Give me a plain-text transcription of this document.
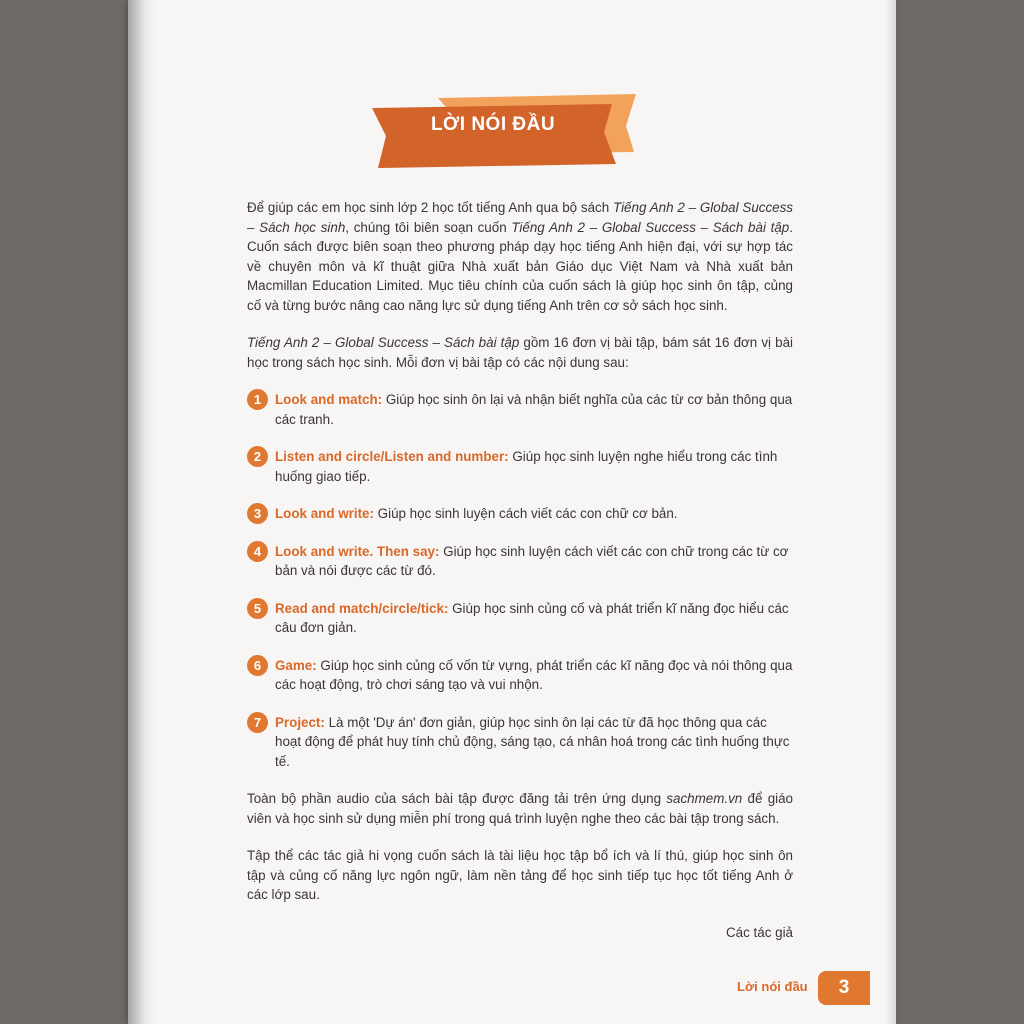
LỜI NÓI ĐẦU

Để giúp các em học sinh lớp 2 học tốt tiếng Anh qua bộ sách Tiếng Anh 2 – Global Success – Sách học sinh, chúng tôi biên soạn cuốn Tiếng Anh 2 – Global Success – Sách bài tập. Cuốn sách được biên soạn theo phương pháp dạy học tiếng Anh hiện đại, với sự hợp tác về chuyên môn và kĩ thuật giữa Nhà xuất bản Giáo dục Việt Nam và Nhà xuất bản Macmillan Education Limited. Mục tiêu chính của cuốn sách là giúp học sinh ôn tập, củng cố và từng bước nâng cao năng lực sử dụng tiếng Anh trên cơ sở sách học sinh.

Tiếng Anh 2 – Global Success – Sách bài tập gồm 16 đơn vị bài tập, bám sát 16 đơn vị bài học trong sách học sinh. Mỗi đơn vị bài tập có các nội dung sau:

1	Look and match: Giúp học sinh ôn lại và nhận biết nghĩa của các từ cơ bản thông qua các tranh.
2	Listen and circle/Listen and number: Giúp học sinh luyện nghe hiểu trong các tình huống giao tiếp.
3	Look and write: Giúp học sinh luyện cách viết các con chữ cơ bản.
4	Look and write. Then say: Giúp học sinh luyện cách viết các con chữ trong các từ cơ bản và nói được các từ đó.
5	Read and match/circle/tick: Giúp học sinh củng cố và phát triển kĩ năng đọc hiểu các câu đơn giản.
6	Game: Giúp học sinh củng cố vốn từ vựng, phát triển các kĩ năng đọc và nói thông qua các hoạt động, trò chơi sáng tạo và vui nhộn.
7	Project: Là một 'Dự án' đơn giản, giúp học sinh ôn lại các từ đã học thông qua các hoạt động để phát huy tính chủ động, sáng tạo, cá nhân hoá trong các tình huống thực tế.

Toàn bộ phần audio của sách bài tập được đăng tải trên ứng dụng sachmem.vn để giáo viên và học sinh sử dụng miễn phí trong quá trình luyện nghe theo các bài tập trong sách.

Tập thể các tác giả hi vọng cuốn sách là tài liệu học tập bổ ích và lí thú, giúp học sinh ôn tập và củng cố năng lực ngôn ngữ, làm nền tảng để học sinh tiếp tục học tốt tiếng Anh ở các lớp sau.

Các tác giả
Lời nói đầu	3
